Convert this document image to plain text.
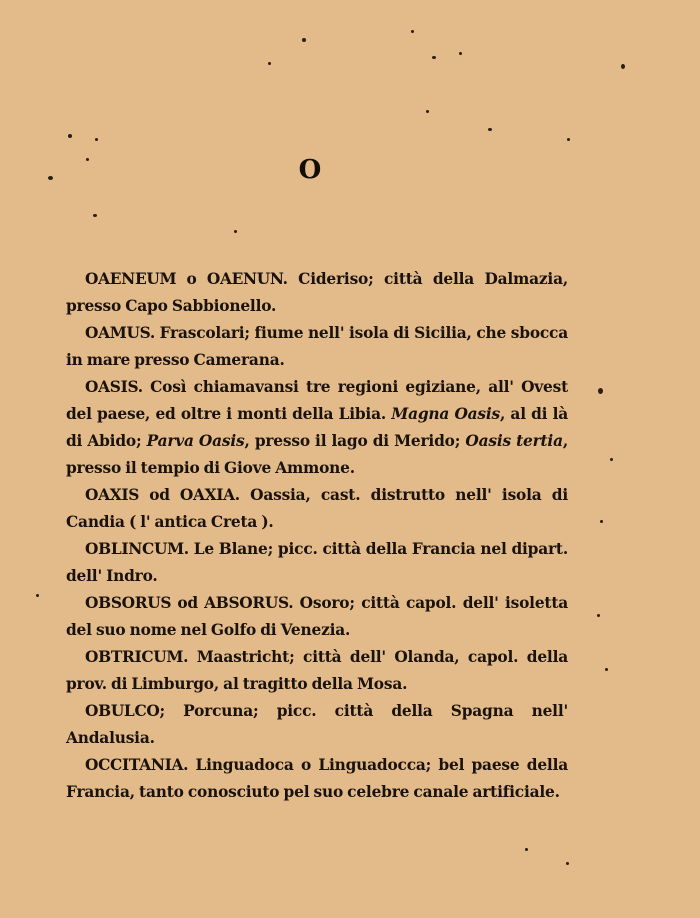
O

OAENEUM o OAENUN. Cideriso; città della Dalmazia, presso Capo Sabbionello.

OAMUS. Frascolari; fiume nell' isola di Sicilia, che sbocca in mare presso Camerana.

OASIS. Così chiamavansi tre regioni egiziane, all' Ovest del paese, ed oltre i monti della Libia. Magna Oasis, al di là di Abido; Parva Oasis, presso il lago di Merido; Oasis tertia, presso il tempio di Giove Ammone.

OAXIS od OAXIA. Oassia, cast. distrutto nell' isola di Candia ( l' antica Creta ).

OBLINCUM. Le Blane; picc. città della Francia nel dipart. dell' Indro.

OBSORUS od ABSORUS. Osoro; città capol. dell' isoletta del suo nome nel Golfo di Venezia.

OBTRICUM. Maastricht; città dell' Olanda, capol. della prov. di Limburgo, al tragitto della Mosa.

OBULCO; Porcuna; picc. città della Spagna nell' Andalusia.

OCCITANIA. Linguadoca o Linguadocca; bel paese della Francia, tanto conosciuto pel suo celebre canale artificiale.
